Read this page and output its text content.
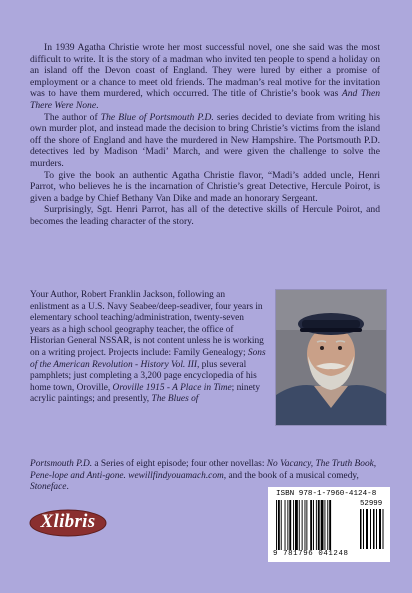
In 1939 Agatha Christie wrote her most successful novel, one she said was the most difficult to write. It is the story of a madman who invited ten people to spend a holiday on an island off the Devon coast of England. They were lured by either a promise of employment or a chance to meet old friends. The madman’s real motive for the invitation was to have them murdered, which occurred. The title of Christie’s book was And Then There Were None.

The author of The Blue of Portsmouth P.D. series decided to deviate from writing his own murder plot, and instead made the decision to bring Christie’s victims from the island off the shore of England and have the murdered in New Hampshire. The Portsmouth P.D. detectives led by Madison ‘Madi’ March, and were given the challenge to solve the murders.

To give the book an authentic Agatha Christie flavor, “Madi’s added uncle, Henri Parrot, who believes he is the incarnation of Christie’s great Detective, Hercule Poirot, is given a badge by Chief Bethany Van Dike and made an honorary Sergeant.

Surprisingly, Sgt. Henri Parrot, has all of the detective skills of Hercule Poirot, and becomes the leading character of the story.

Your Author, Robert Franklin Jackson, following an enlistment as a U.S. Navy Seabee/deep-seadiver, four years in elementary school teaching/administration, twenty-seven years as a high school geography teacher, the office of Historian General NSSAR, is not content unless he is working on a writing project. Projects include: Family Genealogy; Sons of the American Revolution - History Vol. III, plus several pamphlets; just completing a 3,200 page encyclopedia of his home town, Oroville, Oroville 1915 - A Place in Time; ninety acrylic paintings; and presently, The Blues of
Portsmouth P.D. a Series of eight episode; four other novellas: No Vacancy, The Truth Book, Pene-lope and Anti-gone. wewillfindyouamach.com, and the book of a musical comedy, Stoneface.
Xlibris
ISBN 978-1-7960-4124-8
52999
9 781796 041248
